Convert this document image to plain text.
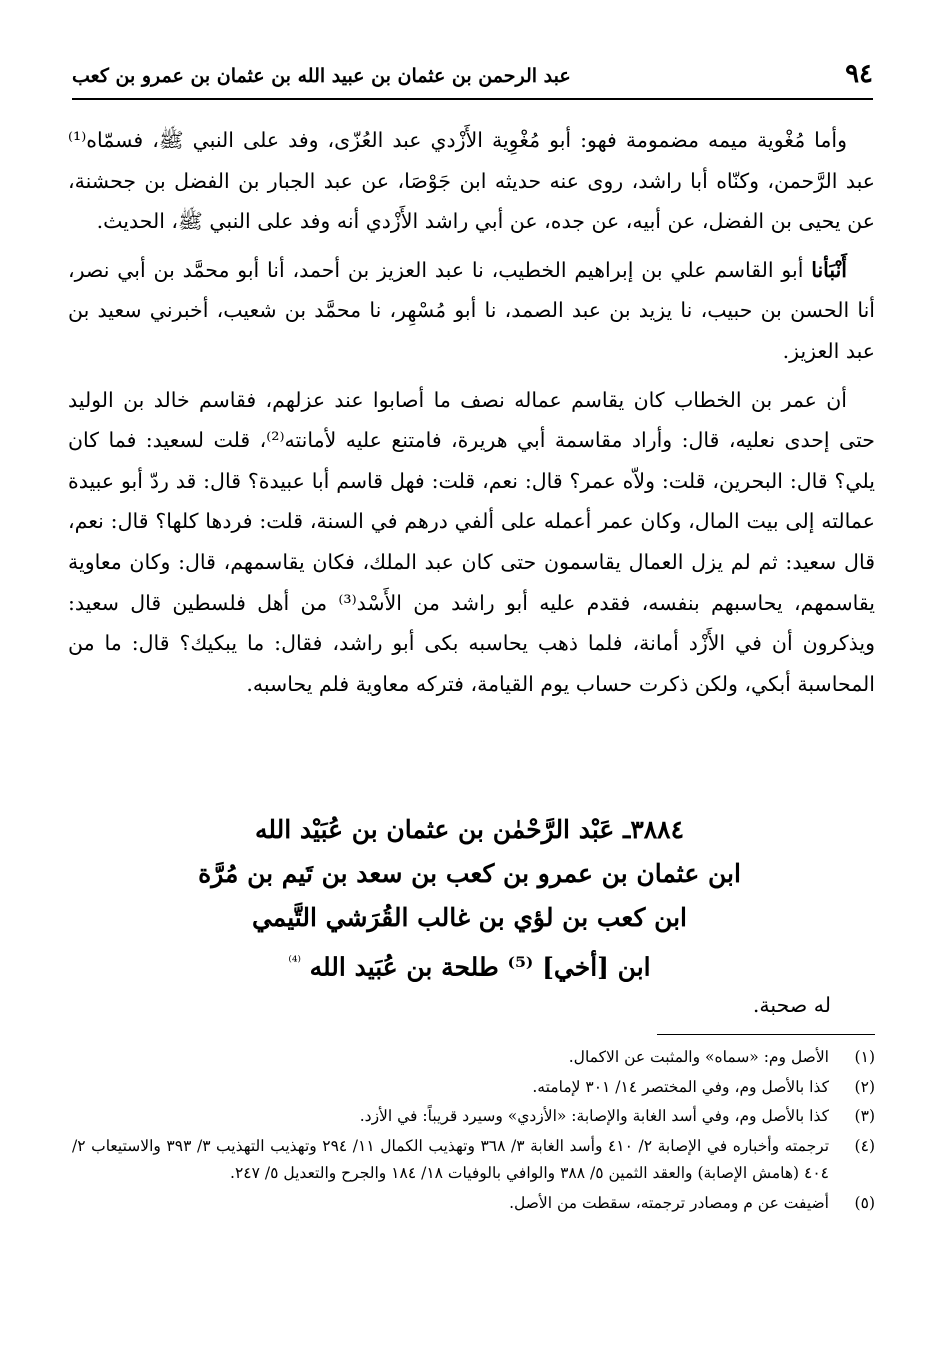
٩٤
عبد الرحمن بن عثمان بن عبيد الله بن عثمان بن عمرو بن كعب

وأما مُغْوية ميمه مضمومة فهو: أبو مُغْوِية الأَزْدي عبد العُزّى، وفد على النبي ﷺ، فسمّاه⁽¹⁾ عبد الرَّحمن، وكنّاه أبا راشد، روى عنه حديثه ابن جَوْصَا، عن عبد الجبار بن الفضل بن جحشنة، عن يحيى بن الفضل، عن أبيه، عن جده، عن أبي راشد الأَزْدي أنه وفد على النبي ﷺ، الحديث.

أَنْبَأنا أبو القاسم علي بن إبراهيم الخطيب، نا عبد العزيز بن أحمد، أنا أبو محمَّد بن أبي نصر، أنا الحسن بن حبيب، نا يزيد بن عبد الصمد، نا أبو مُسْهِر، نا محمَّد بن شعيب، أخبرني سعيد بن عبد العزيز.

أن عمر بن الخطاب كان يقاسم عماله نصف ما أصابوا عند عزلهم، فقاسم خالد بن الوليد حتى إحدى نعليه، قال: وأراد مقاسمة أبي هريرة، فامتنع عليه لأمانته⁽²⁾، قلت لسعيد: فما كان يلي؟ قال: البحرين، قلت: ولاّه عمر؟ قال: نعم، قلت: فهل قاسم أبا عبيدة؟ قال: قد ردّ أبو عبيدة عمالته إلى بيت المال، وكان عمر أعمله على ألفي درهم في السنة، قلت: فردها كلها؟ قال: نعم، قال سعيد: ثم لم يزل العمال يقاسمون حتى كان عبد الملك، فكان يقاسمهم، قال: وكان معاوية يقاسمهم، يحاسبهم بنفسه، فقدم عليه أبو راشد من الأَسْد⁽³⁾ من أهل فلسطين قال سعيد: ويذكرون أن في الأَزْد أمانة، فلما ذهب يحاسبه بكى أبو راشد، فقال: ما يبكيك؟ قال: ما من المحاسبة أبكي، ولكن ذكرت حساب يوم القيامة، فتركه معاوية فلم يحاسبه.

٣٨٨٤ـ عَبْد الرَّحْمٰن بن عثمان بن عُبَيْد الله
ابن عثمان بن عمرو بن كعب بن سعد بن تَيم بن مُرَّة
ابن كعب بن لؤي بن غالب القُرَشي التَّيمي
ابن [أخي] ⁽⁵⁾ طلحة بن عُبَيد الله $^{^{(4)}}$
له صحبة.
(١)
الأصل وم: «سماه» والمثبت عن الاكمال.
(٢)
كذا بالأصل وم، وفي المختصر ١٤/ ٣٠١ لإمامته.
(٣)
كذا بالأصل وم، وفي أسد الغابة والإصابة: «الأزدي» وسيرد قريباً: في الأزد.
(٤)
ترجمته وأخباره في الإصابة ٢/ ٤١٠ وأسد الغابة ٣/ ٣٦٨ وتهذيب الكمال ١١/ ٢٩٤ وتهذيب التهذيب ٣/ ٣٩٣ والاستيعاب ٢/ ٤٠٤ (هامش الإصابة) والعقد الثمين ٥/ ٣٨٨ والوافي بالوفيات ١٨/ ١٨٤ والجرح والتعديل ٥/ ٢٤٧.
(٥)
أضيفت عن م ومصادر ترجمته، سقطت من الأصل.
